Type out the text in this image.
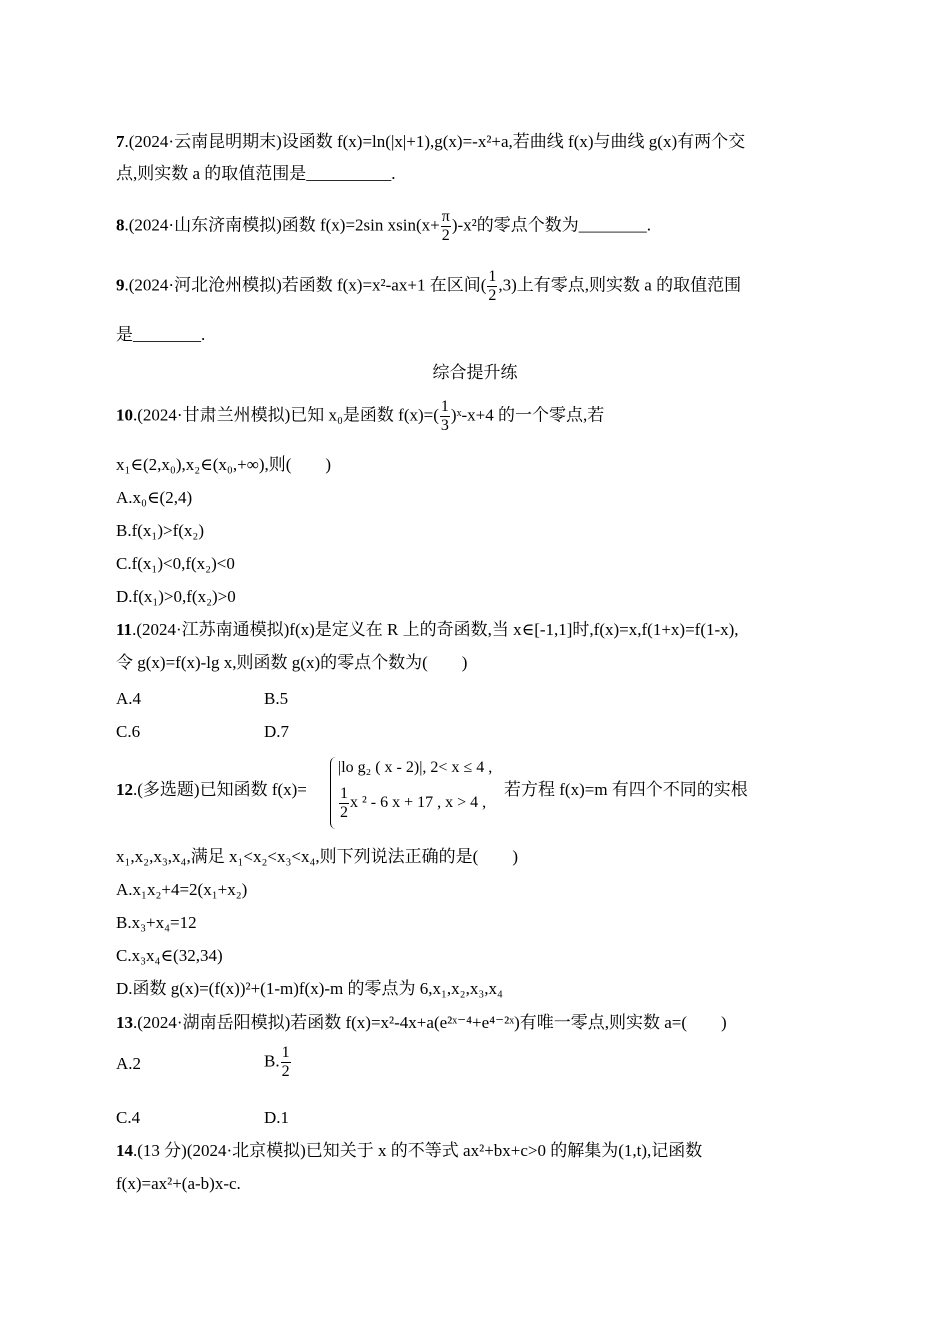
7.(2024·云南昆明期末)设函数 f(x)=ln(|x|+1),g(x)=-x²+a,若曲线 f(x)与曲线 g(x)有两个交
点,则实数 a 的取值范围是__________.
8.(2024·山东济南模拟)函数 f(x)=2sin $xsin(x+ \frac{\pi}{2} )-x^2$的零点个数为________.
9.(2024·河北沧州模拟)若函数 f(x)=x²-ax+1 在区间( $\frac{1}{2} ,3$)上有零点,则实数 a 的取值范围
是________.
综合提升练
10.(2024·甘肃兰州模拟)已知 x₀是函数 $f(x)=( \frac{1}{3}$ )ˣ-x+4 的一个零点,若
x₁∈(2,x₀),x₂∈(x₀,+∞),则(　　)
A.x₀∈(2,4)
B.f(x₁)>f(x₂)
C.f(x₁)<0,f(x₂)<0
D.f(x₁)>0,f(x₂)>0
11.(2024·江苏南通模拟)f(x)是定义在 R 上的奇函数,当 x∈[-1,1]时,f(x)=x,f(1+x)=f(1-x),
令 g(x)=f(x)-lg x,则函数 g(x)的零点个数为(　　)
A.4	B.5
C.6	D.7
12.(多选题)已知函数 f(x)=
|lo g₂ ( x - 2)|, 2< x ≤ 4 ,
$\frac{1}{2}$ x ² - 6 x + 17 , x > 4 ,
若方程 f(x)=m 有四个不同的实根
x₁,x₂,x₃,x₄,满足 x₁<x₂<x₃<x₄,则下列说法正确的是(　　)
A.x₁x₂+4=2(x₁+x₂)
B.x₃+x₄=12
C.x₃x₄∈(32,34)
D.函数 g(x)=(f(x))²+(1-m)f(x)-m 的零点为 6,x₁,x₂,x₃,x₄
13.(2024·湖南岳阳模拟)若函数 f(x)=x²-4x+a(e²ˣ⁻⁴+e⁴⁻²ˣ)有唯一零点,则实数 a=(　　)
A.2	B. $\frac{1}{2}$
C.4	D.1
14.(13 分)(2024·北京模拟)已知关于 x 的不等式 ax²+bx+c>0 的解集为(1,t),记函数
f(x)=ax²+(a-b)x-c.
